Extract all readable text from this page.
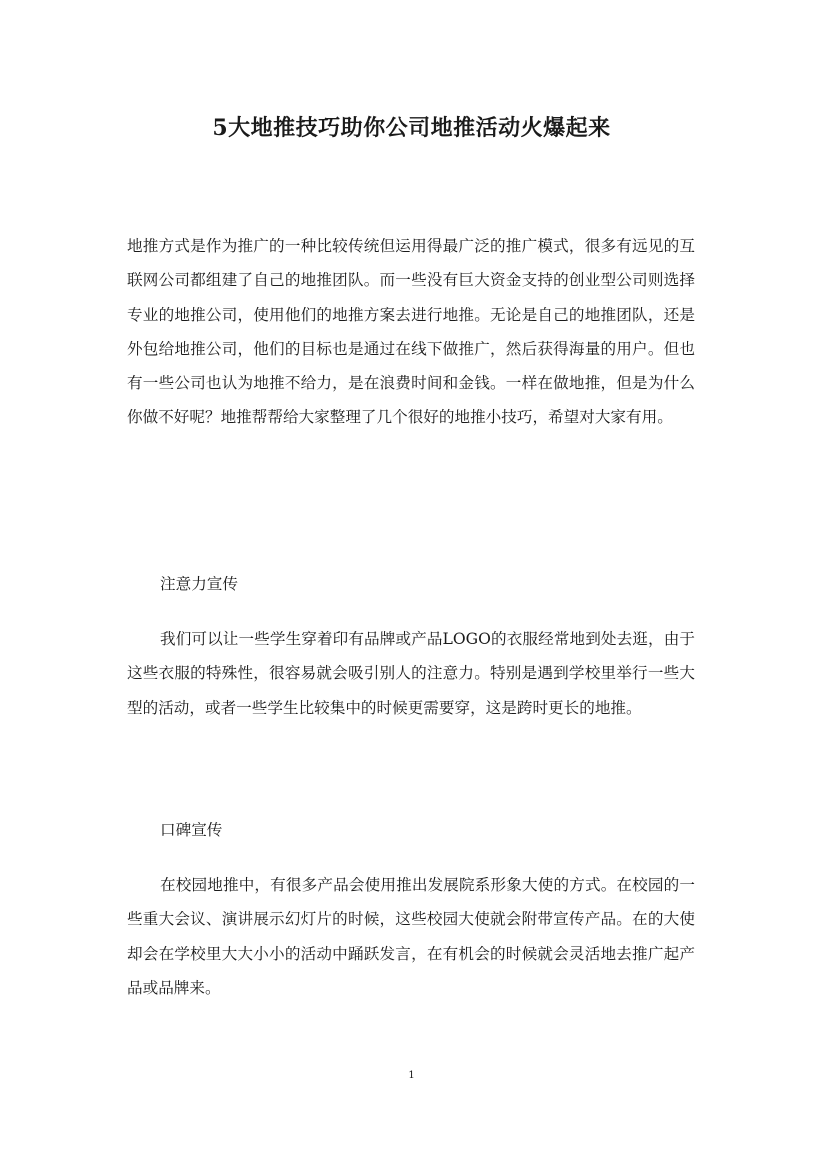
5大地推技巧助你公司地推活动火爆起来

地推方式是作为推广的一种比较传统但运用得最广泛的推广模式，很多有远见的互联网公司都组建了自己的地推团队。而一些没有巨大资金支持的创业型公司则选择专业的地推公司，使用他们的地推方案去进行地推。无论是自己的地推团队，还是外包给地推公司，他们的目标也是通过在线下做推广，然后获得海量的用户。但也有一些公司也认为地推不给力，是在浪费时间和金钱。一样在做地推，但是为什么你做不好呢？地推帮帮给大家整理了几个很好的地推小技巧，希望对大家有用。

注意力宣传

我们可以让一些学生穿着印有品牌或产品LOGO的衣服经常地到处去逛，由于这些衣服的特殊性，很容易就会吸引别人的注意力。特别是遇到学校里举行一些大型的活动，或者一些学生比较集中的时候更需要穿，这是跨时更长的地推。

口碑宣传

在校园地推中，有很多产品会使用推出发展院系形象大使的方式。在校园的一些重大会议、演讲展示幻灯片的时候，这些校园大使就会附带宣传产品。在的大使却会在学校里大大小小的活动中踊跃发言，在有机会的时候就会灵活地去推广起产品或品牌来。

1
